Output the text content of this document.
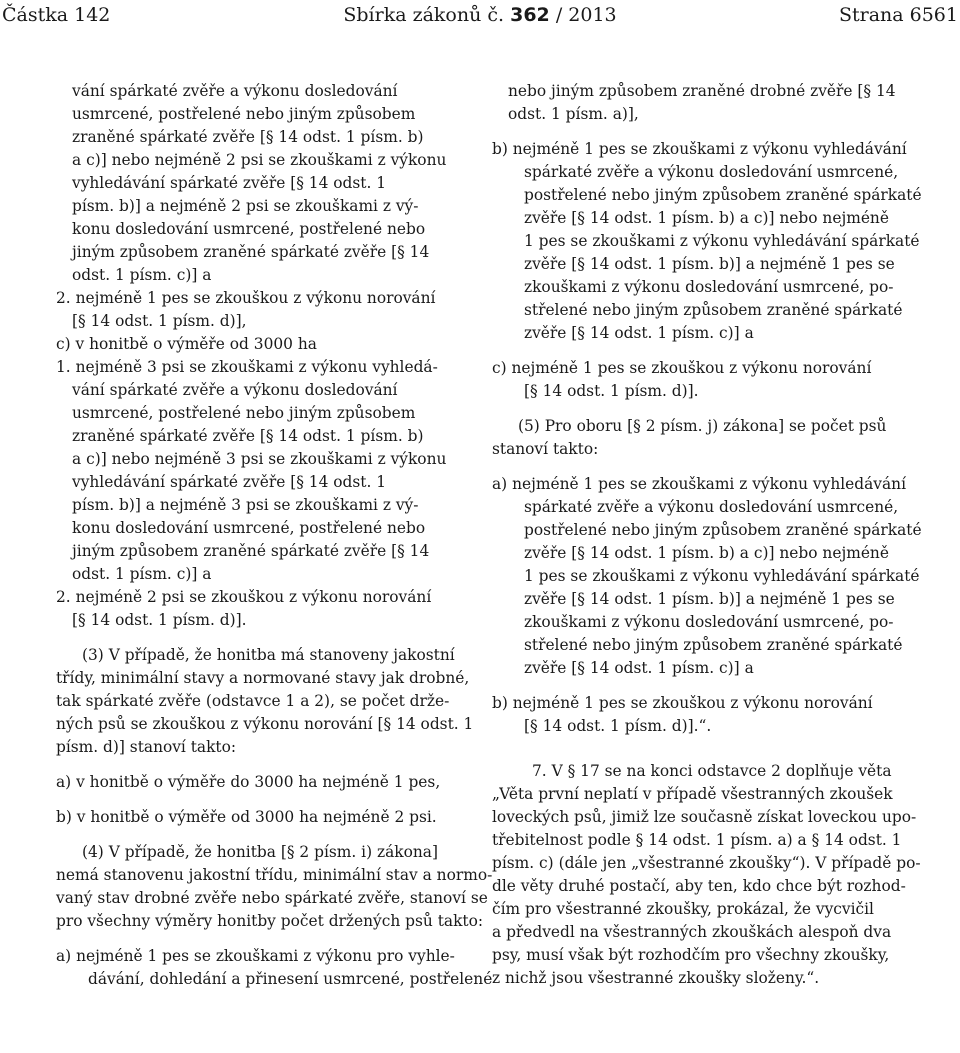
Částka 142	Sbírka zákonů č. 362 / 2013	Strana 6561
vání spárkaté zvěře a výkonu dosledování
usmrcené, postřelené nebo jiným způsobem
zraněné spárkaté zvěře [§ 14 odst. 1 písm. b)
a c)] nebo nejméně 2 psi se zkouškami z výkonu
vyhledávání spárkaté zvěře [§ 14 odst. 1
písm. b)] a nejméně 2 psi se zkouškami z vý-
konu dosledování usmrcené, postřelené nebo
jiným způsobem zraněné spárkaté zvěře [§ 14
odst. 1 písm. c)] a
2. nejméně 1 pes se zkouškou z výkonu norování
[§ 14 odst. 1 písm. d)],
c) v honitbě o výměře od 3000 ha
1. nejméně 3 psi se zkouškami z výkonu vyhledá-
vání spárkaté zvěře a výkonu dosledování
usmrcené, postřelené nebo jiným způsobem
zraněné spárkaté zvěře [§ 14 odst. 1 písm. b)
a c)] nebo nejméně 3 psi se zkouškami z výkonu
vyhledávání spárkaté zvěře [§ 14 odst. 1
písm. b)] a nejméně 3 psi se zkouškami z vý-
konu dosledování usmrcené, postřelené nebo
jiným způsobem zraněné spárkaté zvěře [§ 14
odst. 1 písm. c)] a
2. nejméně 2 psi se zkouškou z výkonu norování
[§ 14 odst. 1 písm. d)].
(3) V případě, že honitba má stanoveny jakostní
třídy, minimální stavy a normované stavy jak drobné,
tak spárkaté zvěře (odstavce 1 a 2), se počet drže-
ných psů se zkouškou z výkonu norování [§ 14 odst. 1
písm. d)] stanoví takto:
a) v honitbě o výměře do 3000 ha nejméně 1 pes,
b) v honitbě o výměře od 3000 ha nejméně 2 psi.
(4) V případě, že honitba [§ 2 písm. i) zákona]
nemá stanovenu jakostní třídu, minimální stav a normo-
vaný stav drobné zvěře nebo spárkaté zvěře, stanoví se
pro všechny výměry honitby počet držených psů takto:
a) nejméně 1 pes se zkouškami z výkonu pro vyhle-
dávání, dohledání a přinesení usmrcené, postřelené
nebo jiným způsobem zraněné drobné zvěře [§ 14
odst. 1 písm. a)],
b) nejméně 1 pes se zkouškami z výkonu vyhledávání
spárkaté zvěře a výkonu dosledování usmrcené,
postřelené nebo jiným způsobem zraněné spárkaté
zvěře [§ 14 odst. 1 písm. b) a c)] nebo nejméně
1 pes se zkouškami z výkonu vyhledávání spárkaté
zvěře [§ 14 odst. 1 písm. b)] a nejméně 1 pes se
zkouškami z výkonu dosledování usmrcené, po-
střelené nebo jiným způsobem zraněné spárkaté
zvěře [§ 14 odst. 1 písm. c)] a
c) nejméně 1 pes se zkouškou z výkonu norování
[§ 14 odst. 1 písm. d)].
(5) Pro oboru [§ 2 písm. j) zákona] se počet psů
stanoví takto:
a) nejméně 1 pes se zkouškami z výkonu vyhledávání
spárkaté zvěře a výkonu dosledování usmrcené,
postřelené nebo jiným způsobem zraněné spárkaté
zvěře [§ 14 odst. 1 písm. b) a c)] nebo nejméně
1 pes se zkouškami z výkonu vyhledávání spárkaté
zvěře [§ 14 odst. 1 písm. b)] a nejméně 1 pes se
zkouškami z výkonu dosledování usmrcené, po-
střelené nebo jiným způsobem zraněné spárkaté
zvěře [§ 14 odst. 1 písm. c)] a
b) nejméně 1 pes se zkouškou z výkonu norování
[§ 14 odst. 1 písm. d)].“.
7. V § 17 se na konci odstavce 2 doplňuje věta
„Věta první neplatí v případě všestranných zkoušek
loveckých psů, jimiž lze současně získat loveckou upo-
třebitelnost podle § 14 odst. 1 písm. a) a § 14 odst. 1
písm. c) (dále jen „všestranné zkoušky“). V případě po-
dle věty druhé postačí, aby ten, kdo chce být rozhod-
čím pro všestranné zkoušky, prokázal, že vycvičil
a předvedl na všestranných zkouškách alespoň dva
psy, musí však být rozhodčím pro všechny zkoušky,
z nichž jsou všestranné zkoušky složeny.“.
